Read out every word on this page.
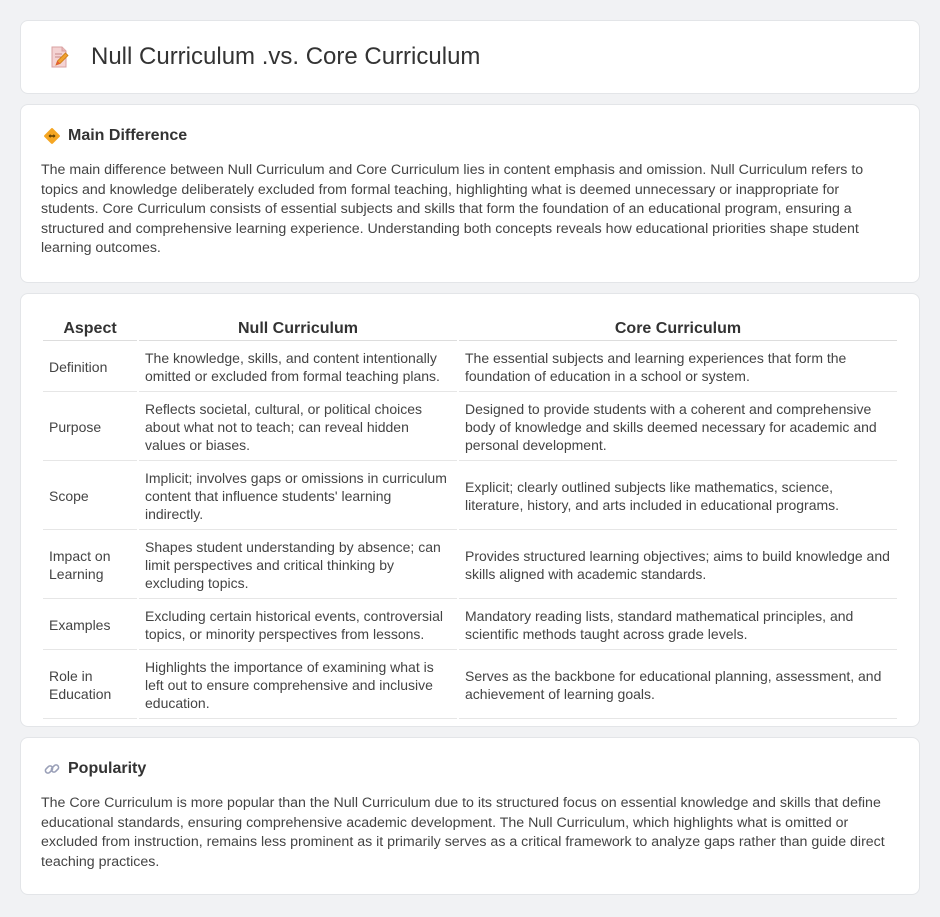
Null Curriculum .vs. Core Curriculum
Main Difference

The main difference between Null Curriculum and Core Curriculum lies in content emphasis and omission. Null Curriculum refers to topics and knowledge deliberately excluded from formal teaching, highlighting what is deemed unnecessary or inappropriate for students. Core Curriculum consists of essential subjects and skills that form the foundation of an educational program, ensuring a structured and comprehensive learning experience. Understanding both concepts reveals how educational priorities shape student learning outcomes.

Aspect	Null Curriculum	Core Curriculum
Definition	The knowledge, skills, and content intentionally omitted or excluded from formal teaching plans.	The essential subjects and learning experiences that form the foundation of education in a school or system.
Purpose	Reflects societal, cultural, or political choices about what not to teach; can reveal hidden values or biases.	Designed to provide students with a coherent and comprehensive body of knowledge and skills deemed necessary for academic and personal development.
Scope	Implicit; involves gaps or omissions in curriculum content that influence students' learning indirectly.	Explicit; clearly outlined subjects like mathematics, science, literature, history, and arts included in educational programs.
Impact on Learning	Shapes student understanding by absence; can limit perspectives and critical thinking by excluding topics.	Provides structured learning objectives; aims to build knowledge and skills aligned with academic standards.
Examples	Excluding certain historical events, controversial topics, or minority perspectives from lessons.	Mandatory reading lists, standard mathematical principles, and scientific methods taught across grade levels.
Role in Education	Highlights the importance of examining what is left out to ensure comprehensive and inclusive education.	Serves as the backbone for educational planning, assessment, and achievement of learning goals.
Popularity

The Core Curriculum is more popular than the Null Curriculum due to its structured focus on essential knowledge and skills that define educational standards, ensuring comprehensive academic development. The Null Curriculum, which highlights what is omitted or excluded from instruction, remains less prominent as it primarily serves as a critical framework to analyze gaps rather than guide direct teaching practices.
